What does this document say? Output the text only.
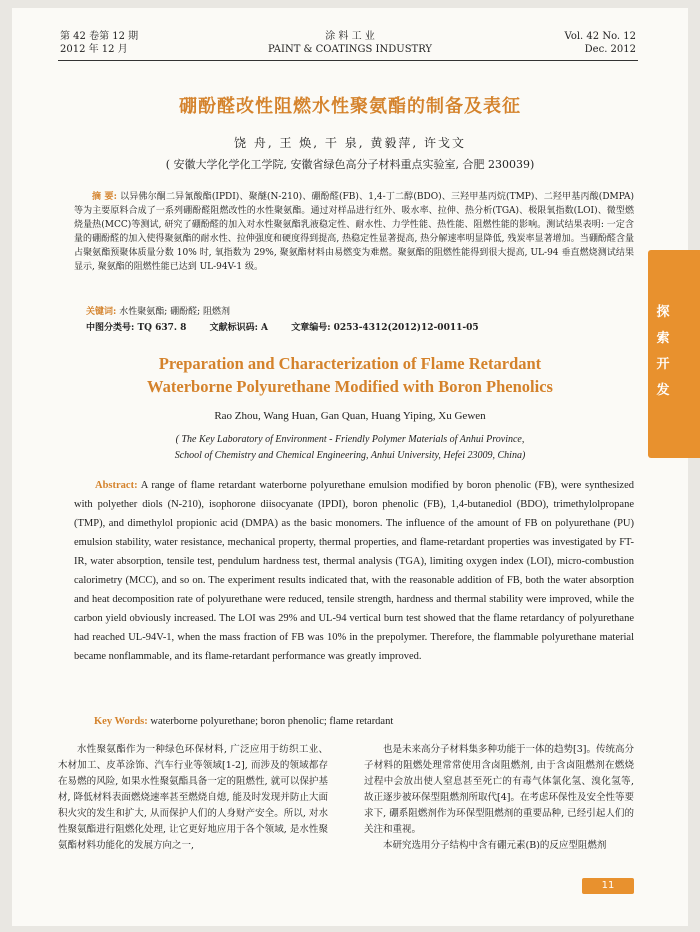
第 42 卷第 12 期
2012 年 12 月
涂 料 工 业
PAINT & COATINGS INDUSTRY
Vol. 42 No. 12
Dec. 2012
硼酚醛改性阻燃水性聚氨酯的制备及表征
饶 舟, 王 焕, 干 泉, 黄毅萍, 许戈文
( 安徽大学化学化工学院, 安徽省绿色高分子材料重点实验室, 合肥 230039)
摘 要: 以异佛尔酮二异氰酸酯(IPDI)、聚醚(N-210)、硼酚醛(FB)、1,4-丁二醇(BDO)、三羟甲基丙烷(TMP)、二羟甲基丙酸(DMPA)等为主要原料合成了一系列硼酚醛阻燃改性的水性聚氨酯。通过对样品进行红外、吸水率、拉伸、热分析(TGA)、极限氧指数(LOI)、微型燃烧量热(MCC)等测试, 研究了硼酚醛的加入对水性聚氨酯乳液稳定性、耐水性、力学性能、热性能、阻燃性能的影响。测试结果表明: 一定含量的硼酚醛的加入使得聚氨酯的耐水性、拉伸强度和硬度得到提高, 热稳定性显著提高, 热分解速率明显降低, 残炭率显著增加。当硼酚醛含量占聚氨酯预聚体质量分数 10% 时, 氧指数为 29%, 聚氨酯材料由易燃变为难燃。聚氨酯的阻燃性能得到很大提高, UL-94 垂直燃烧测试结果显示, 聚氨酯的阻燃性能已达到 UL-94V-1 级。
关键词: 水性聚氨酯; 硼酚醛; 阻燃剂
中图分类号: TQ 637. 8	文献标识码: A	文章编号: 0253-4312(2012)12-0011-05
Preparation and Characterization of Flame Retardant
Waterborne Polyurethane Modified with Boron Phenolics
Rao Zhou, Wang Huan, Gan Quan, Huang Yiping, Xu Gewen
( The Key Laboratory of Environment - Friendly Polymer Materials of Anhui Province,
School of Chemistry and Chemical Engineering, Anhui University, Hefei 23009, China)
Abstract: A range of flame retardant waterborne polyurethane emulsion modified by boron phenolic (FB), were synthesized with polyether diols (N-210), isophorone diisocyanate (IPDI), boron phenolic (FB), 1,4-butanediol (BDO), trimethylolpropane (TMP), and dimethylol propionic acid (DMPA) as the basic monomers. The influence of the amount of FB on polyurethane (PU) emulsion stability, water resistance, mechanical property, thermal properties, and flame-retardant properties was investigated by FT-IR, water absorption, tensile test, pendulum hardness test, thermal analysis (TGA), limiting oxygen index (LOI), micro-combustion calorimetry (MCC), and so on. The experiment results indicated that, with the reasonable addition of FB, both the water absorption and heat decomposition rate of polyurethane were reduced, tensile strength, hardness and thermal stability were improved, while the carbon yield obviously increased. The LOI was 29% and UL-94 vertical burn test showed that the flame retardancy of polyurethane had reached UL-94V-1, when the mass fraction of FB was 10% in the prepolymer. Therefore, the flammable polyurethane material became nonflammable, and its flame-retardant performance was greatly improved.
Key Words: waterborne polyurethane; boron phenolic; flame retardant
水性聚氨酯作为一种绿色环保材料, 广泛应用于纺织工业、木材加工、皮革涂饰、汽车行业等领域[1-2], 而涉及的领域都存在易燃的风险, 如果水性聚氨酯具备一定的阻燃性, 就可以保护基材, 降低材料表面燃烧速率甚至燃烧自熄, 能及时发现并防止大面积火灾的发生和扩大, 从而保护人们的人身财产安全。所以, 对水性聚氨酯进行阻燃化处理, 让它更好地应用于各个领域, 是水性聚氨酯材料功能化的发展方向之一,
也是未来高分子材料集多种功能于一体的趋势[3]。传统高分子材料的阻燃处理常常使用含卤阻燃剂, 由于含卤阻燃剂在燃烧过程中会放出使人窒息甚至死亡的有毒气体氯化氢、溴化氢等, 故正逐步被环保型阻燃剂所取代[4]。在考虑环保性及安全性等要求下, 硼系阻燃剂作为环保型阻燃剂的重要品种, 已经引起人们的关注和重视。
本研究选用分子结构中含有硼元素(B)的反应型阻燃剂
11
探
索
开
发
